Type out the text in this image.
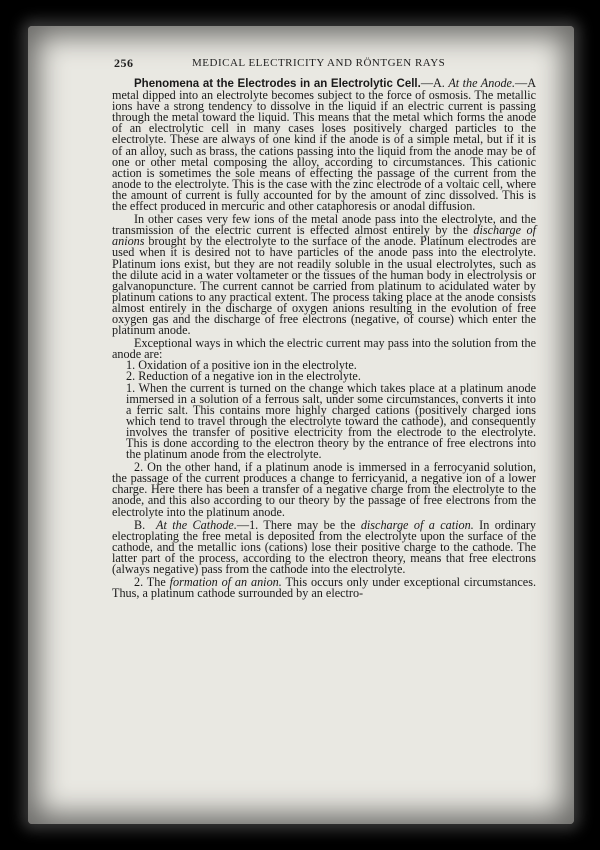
256	MEDICAL ELECTRICITY AND RÖNTGEN RAYS

Phenomena at the Electrodes in an Electrolytic Cell.—A. At the Anode.—A metal dipped into an electrolyte becomes subject to the force of osmosis. The metallic ions have a strong tendency to dissolve in the liquid if an electric current is passing through the metal toward the liquid. This means that the metal which forms the anode of an electrolytic cell in many cases loses positively charged particles to the electrolyte. These are always of one kind if the anode is of a simple metal, but if it is of an alloy, such as brass, the cations passing into the liquid from the anode may be of one or other metal composing the alloy, according to circumstances. This cationic action is sometimes the sole means of effecting the passage of the current from the anode to the electrolyte. This is the case with the zinc electrode of a voltaic cell, where the amount of current is fully accounted for by the amount of zinc dissolved. This is the effect produced in mercuric and other cataphoresis or anodal diffusion.

In other cases very few ions of the metal anode pass into the electrolyte, and the transmission of the electric current is effected almost entirely by the discharge of anions brought by the electrolyte to the surface of the anode. Platinum electrodes are used when it is desired not to have particles of the anode pass into the electrolyte. Platinum ions exist, but they are not readily soluble in the usual electrolytes, such as the dilute acid in a water voltameter or the tissues of the human body in electrolysis or galvanopuncture. The current cannot be carried from platinum to acidulated water by platinum cations to any practical extent. The process taking place at the anode consists almost entirely in the discharge of oxygen anions resulting in the evolution of free oxygen gas and the discharge of free electrons (negative, of course) which enter the platinum anode.

Exceptional ways in which the electric current may pass into the solution from the anode are:

1. Oxidation of a positive ion in the electrolyte.

2. Reduction of a negative ion in the electrolyte.

1. When the current is turned on the change which takes place at a platinum anode immersed in a solution of a ferrous salt, under some circumstances, converts it into a ferric salt. This contains more highly charged cations (positively charged ions which tend to travel through the electrolyte toward the cathode), and consequently involves the transfer of positive electricity from the electrode to the electrolyte. This is done according to the electron theory by the entrance of free electrons into the platinum anode from the electrolyte.

2. On the other hand, if a platinum anode is immersed in a ferrocyanid solution, the passage of the current produces a change to ferricyanid, a negative ion of a lower charge. Here there has been a transfer of a negative charge from the electrolyte to the anode, and this also according to our theory by the passage of free electrons from the electrolyte into the platinum anode.

B. At the Cathode.—1. There may be the discharge of a cation. In ordinary electroplating the free metal is deposited from the electrolyte upon the surface of the cathode, and the metallic ions (cations) lose their positive charge to the cathode. The latter part of the process, according to the electron theory, means that free electrons (always negative) pass from the cathode into the electrolyte.

2. The formation of an anion. This occurs only under exceptional circumstances. Thus, a platinum cathode surrounded by an electro-
